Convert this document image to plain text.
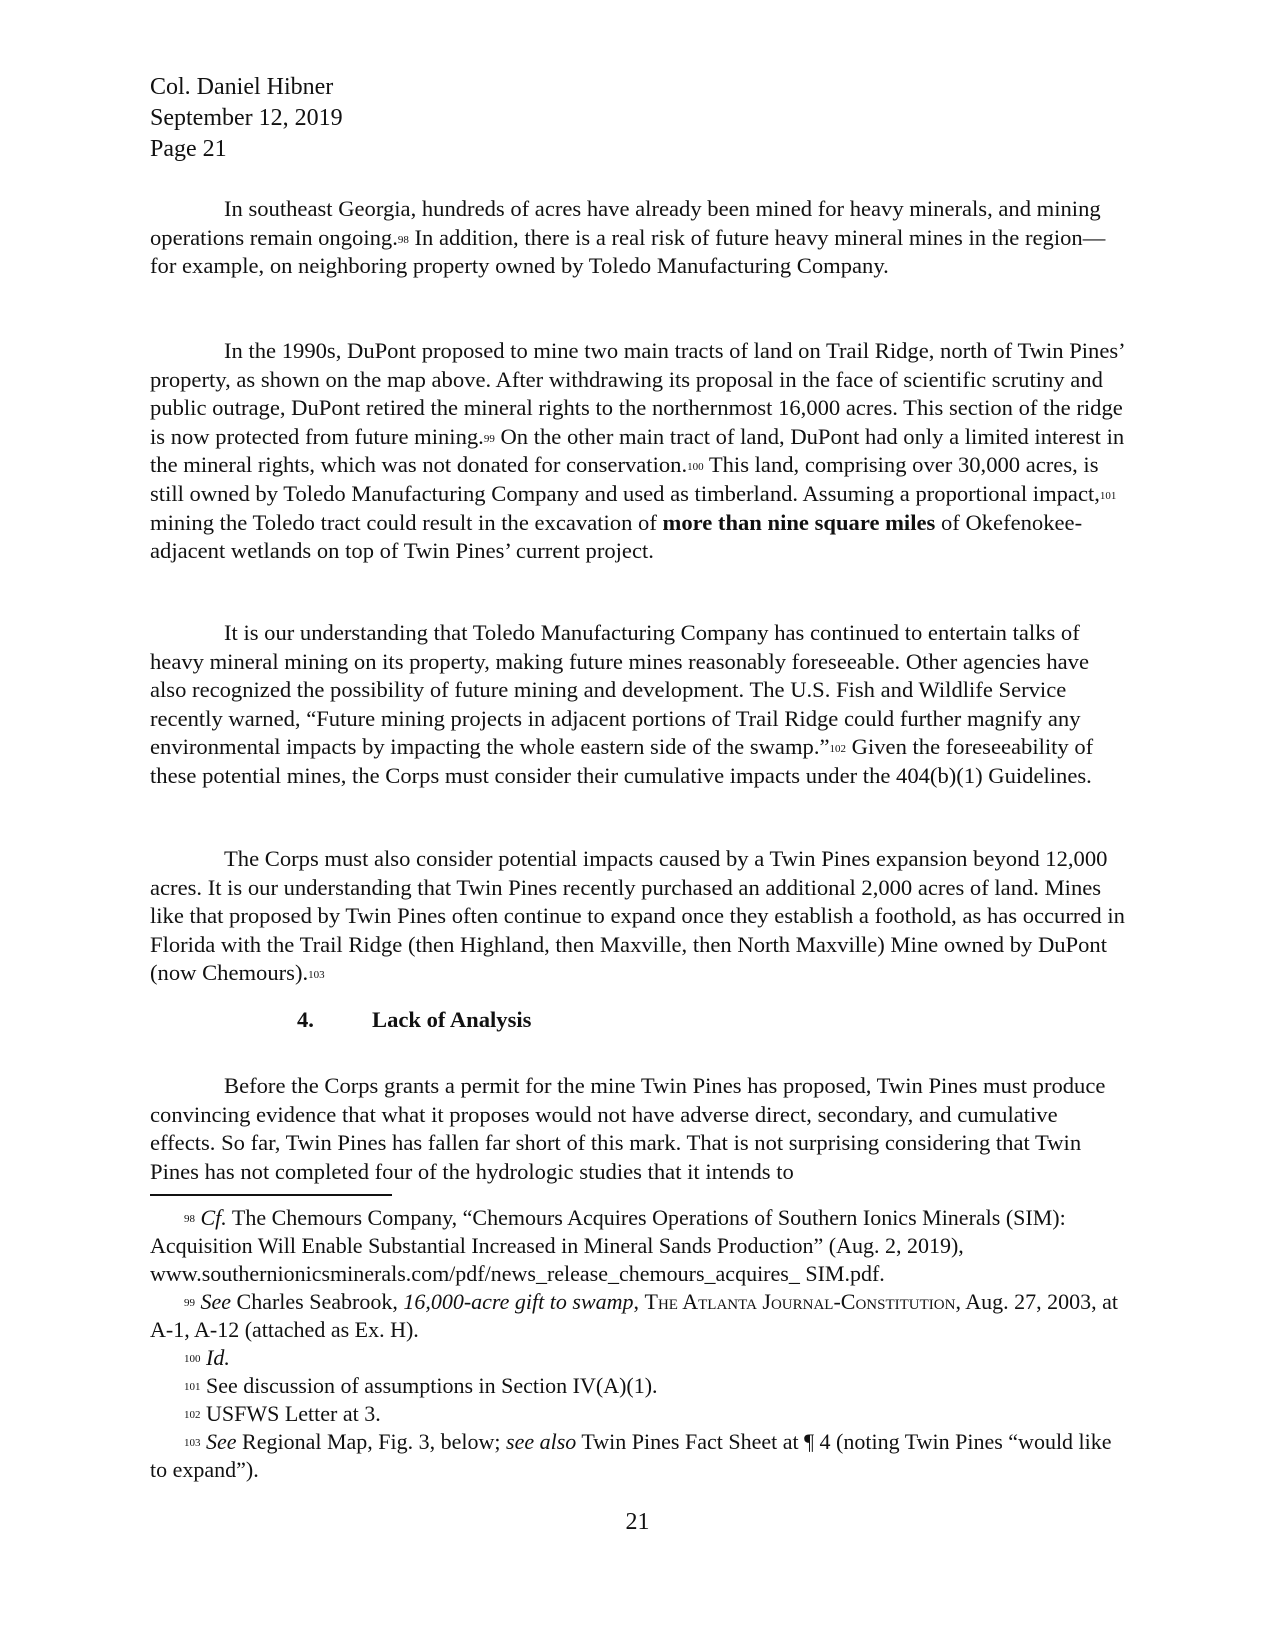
Col. Daniel Hibner
September 12, 2019
Page 21

In southeast Georgia, hundreds of acres have already been mined for heavy minerals, and mining operations remain ongoing.$^{98}$ In addition, there is a real risk of future heavy mineral mines in the region—for example, on neighboring property owned by Toledo Manufacturing Company.

In the 1990s, DuPont proposed to mine two main tracts of land on Trail Ridge, north of Twin Pines’ property, as shown on the map above. After withdrawing its proposal in the face of scientific scrutiny and public outrage, DuPont retired the mineral rights to the northernmost 16,000 acres. This section of the ridge is now protected from future mining.$^{99}$ On the other main tract of land, DuPont had only a limited interest in the mineral rights, which was not donated for conservation.$^{100}$ This land, comprising over 30,000 acres, is still owned by Toledo Manufacturing Company and used as timberland. Assuming a proportional impact,$^{101}$ mining the Toledo tract could result in the excavation of more than nine square miles of Okefenokee-adjacent wetlands on top of Twin Pines’ current project.

It is our understanding that Toledo Manufacturing Company has continued to entertain talks of heavy mineral mining on its property, making future mines reasonably foreseeable. Other agencies have also recognized the possibility of future mining and development. The U.S. Fish and Wildlife Service recently warned, “Future mining projects in adjacent portions of Trail Ridge could further magnify any environmental impacts by impacting the whole eastern side of the swamp.”$^{102}$ Given the foreseeability of these potential mines, the Corps must consider their cumulative impacts under the 404(b)(1) Guidelines.

The Corps must also consider potential impacts caused by a Twin Pines expansion beyond 12,000 acres. It is our understanding that Twin Pines recently purchased an additional 2,000 acres of land. Mines like that proposed by Twin Pines often continue to expand once they establish a foothold, as has occurred in Florida with the Trail Ridge (then Highland, then Maxville, then North Maxville) Mine owned by DuPont (now Chemours).$^{103}$

4.	Lack of Analysis

Before the Corps grants a permit for the mine Twin Pines has proposed, Twin Pines must produce convincing evidence that what it proposes would not have adverse direct, secondary, and cumulative effects. So far, Twin Pines has fallen far short of this mark. That is not surprising considering that Twin Pines has not completed four of the hydrologic studies that it intends to

$^{98}$ Cf. The Chemours Company, “Chemours Acquires Operations of Southern Ionics Minerals (SIM): Acquisition Will Enable Substantial Increased in Mineral Sands Production” (Aug. 2, 2019), www.southernionicsminerals.com/pdf/news_release_chemours_acquires_ SIM.pdf.

$^{99}$ See Charles Seabrook, 16,000-acre gift to swamp, The Atlanta Journal-Constitution, Aug. 27, 2003, at A-1, A-12 (attached as Ex. H).

$^{100}$ Id.

$^{101}$ See discussion of assumptions in Section IV(A)(1).

$^{102}$ USFWS Letter at 3.

$^{103}$ See Regional Map, Fig. 3, below; see also Twin Pines Fact Sheet at ¶ 4 (noting Twin Pines “would like to expand”).

21
